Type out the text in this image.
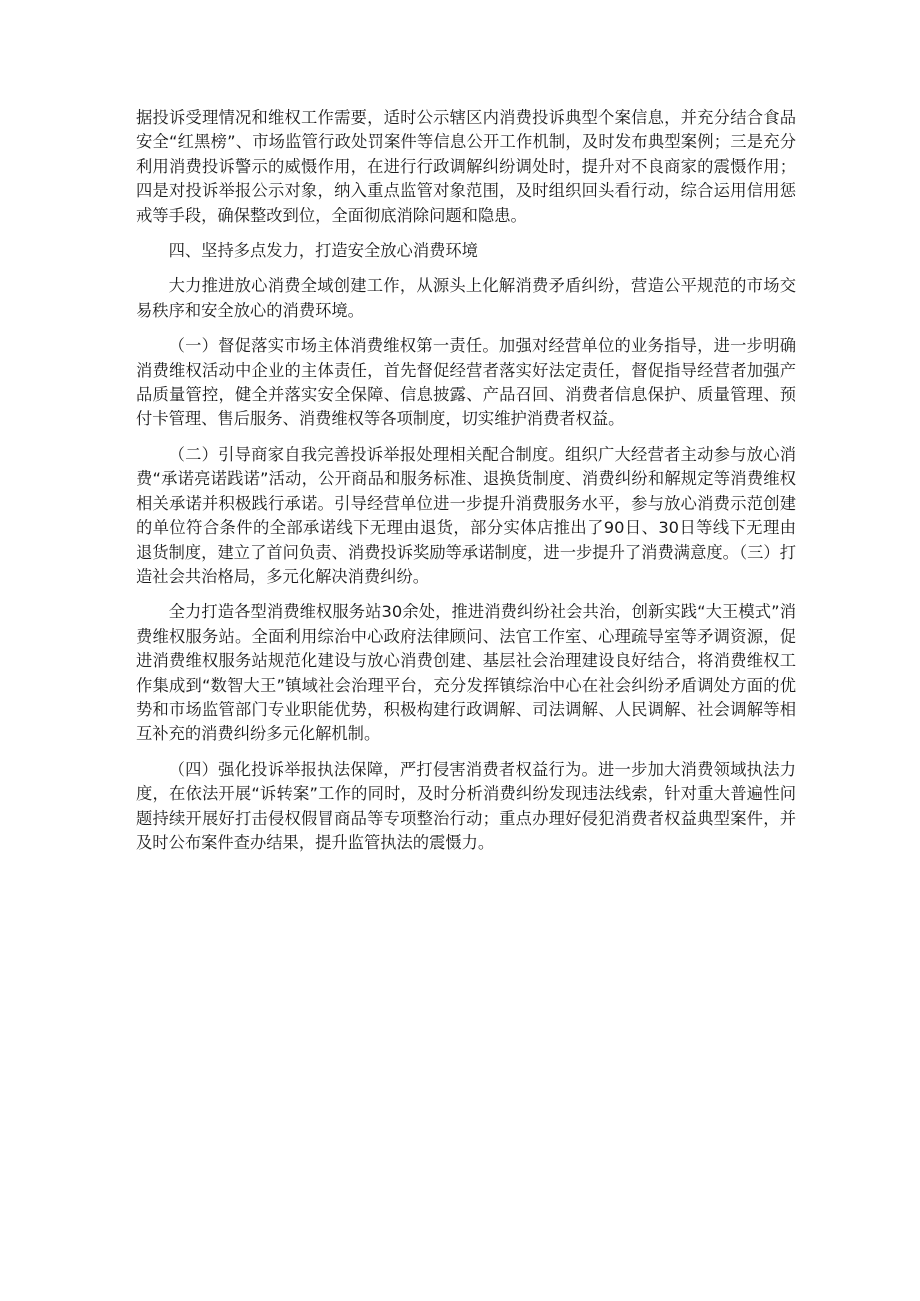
据投诉受理情况和维权工作需要，适时公示辖区内消费投诉典型个案信息，并充分结合食品安全“红黑榜”、市场监管行政处罚案件等信息公开工作机制，及时发布典型案例；三是充分利用消费投诉警示的威慑作用，在进行行政调解纠纷调处时，提升对不良商家的震慑作用；四是对投诉举报公示对象，纳入重点监管对象范围，及时组织回头看行动，综合运用信用惩戒等手段，确保整改到位，全面彻底消除问题和隐患。

四、坚持多点发力，打造安全放心消费环境

大力推进放心消费全域创建工作，从源头上化解消费矛盾纠纷，营造公平规范的市场交易秩序和安全放心的消费环境。

（一）督促落实市场主体消费维权第一责任。加强对经营单位的业务指导，进一步明确消费维权活动中企业的主体责任，首先督促经营者落实好法定责任，督促指导经营者加强产品质量管控，健全并落实安全保障、信息披露、产品召回、消费者信息保护、质量管理、预付卡管理、售后服务、消费维权等各项制度，切实维护消费者权益。

（二）引导商家自我完善投诉举报处理相关配合制度。组织广大经营者主动参与放心消费“承诺亮诺践诺”活动，公开商品和服务标准、退换货制度、消费纠纷和解规定等消费维权相关承诺并积极践行承诺。引导经营单位进一步提升消费服务水平，参与放心消费示范创建的单位符合条件的全部承诺线下无理由退货，部分实体店推出了90日、30日等线下无理由退货制度，建立了首问负责、消费投诉奖励等承诺制度，进一步提升了消费满意度。（三）打造社会共治格局，多元化解决消费纠纷。

全力打造各型消费维权服务站30余处，推进消费纠纷社会共治，创新实践“大王模式”消费维权服务站。全面利用综治中心政府法律顾问、法官工作室、心理疏导室等矛调资源，促进消费维权服务站规范化建设与放心消费创建、基层社会治理建设良好结合，将消费维权工作集成到“数智大王”镇域社会治理平台，充分发挥镇综治中心在社会纠纷矛盾调处方面的优势和市场监管部门专业职能优势，积极构建行政调解、司法调解、人民调解、社会调解等相互补充的消费纠纷多元化解机制。

（四）强化投诉举报执法保障，严打侵害消费者权益行为。进一步加大消费领域执法力度，在依法开展“诉转案”工作的同时，及时分析消费纠纷发现违法线索，针对重大普遍性问题持续开展好打击侵权假冒商品等专项整治行动；重点办理好侵犯消费者权益典型案件，并及时公布案件查办结果，提升监管执法的震慑力。
